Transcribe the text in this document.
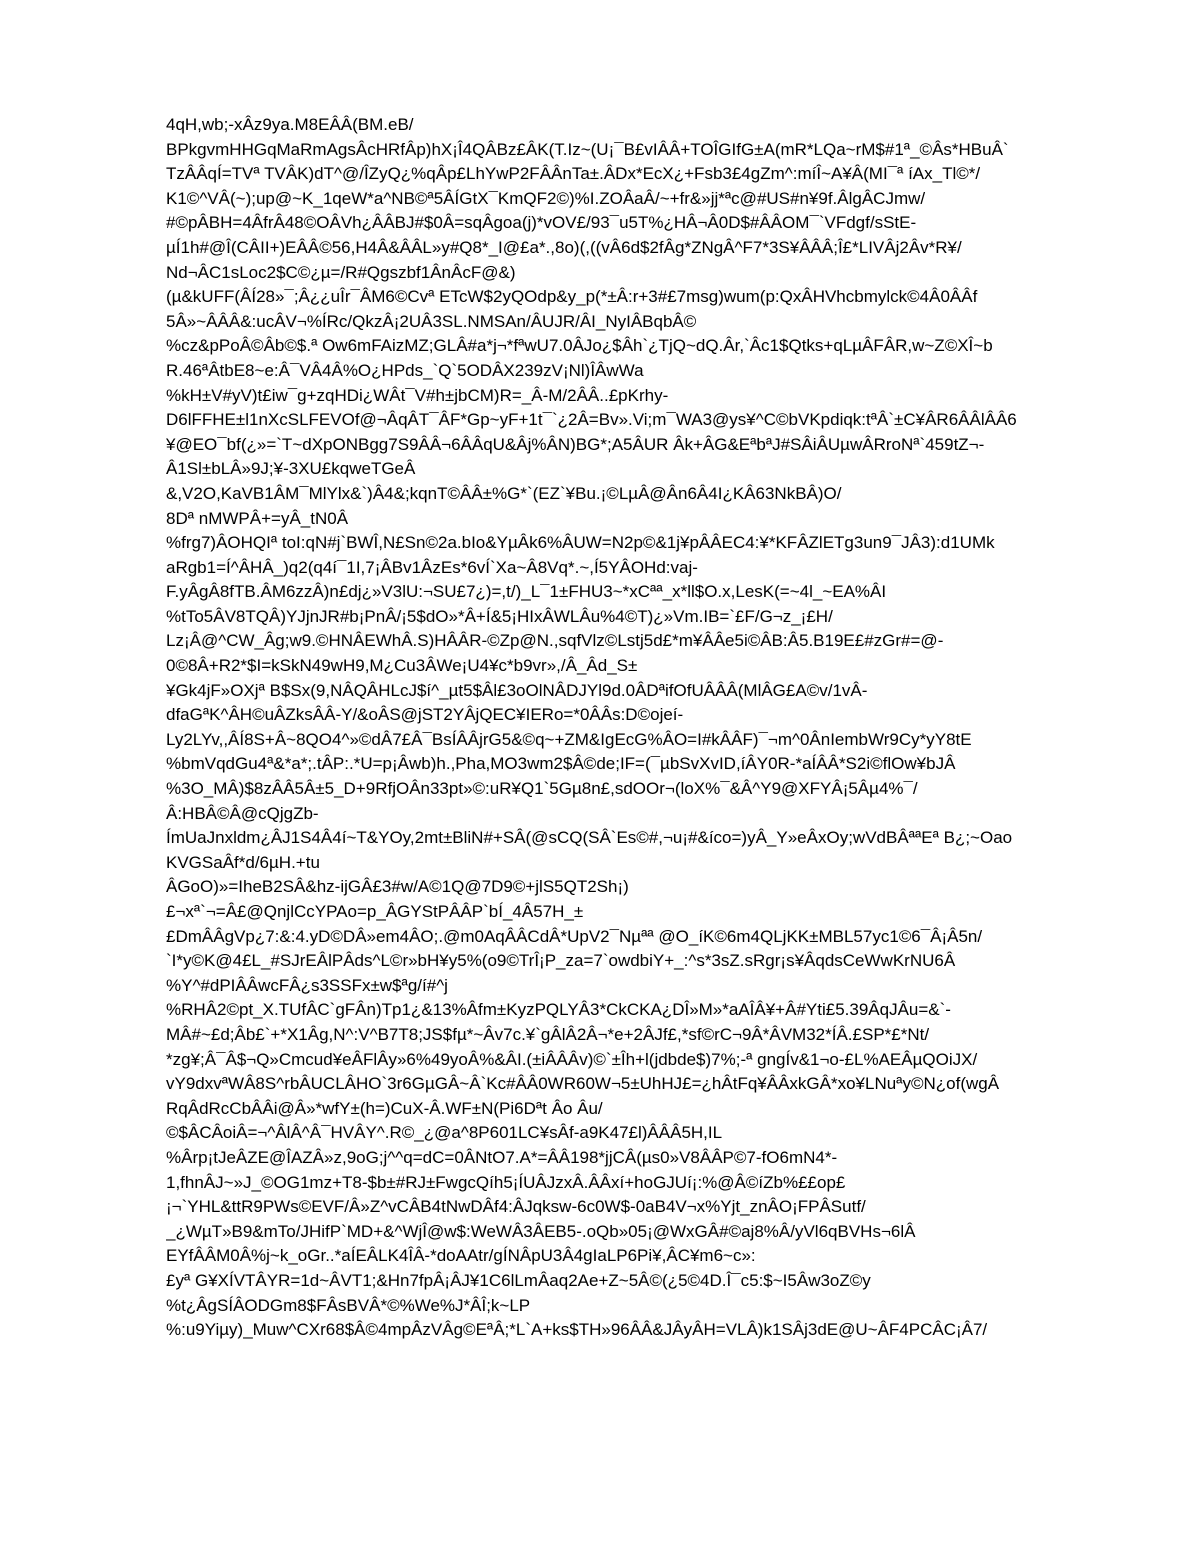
4qH,wb;-xÂz9ya.M8EÂÂ(BM.eB/
BPkgvmHHGqMaRmAgsÂcHRfÂp)hX¡Î4QÂBz£ÂK(T.Iz~(U¡¯B£vIÂÂ+TOÎGIfG±A(mR*LQa~rM$#1ª_©Âs*HBuÂ`
TzÂÂqÍ=TVª TVÂK)dT^@/ÎZyQ¿%qÂp£LhYwP2FÂÂnTa±.ÂDx*EcX¿+Fsb3£4gZm^:míÎ~A¥Â(MI¯ª íAx_Tl©*/
K1©^VÂ(~);up@~K_1qeW*a^NB©ª5ÂÍGtX¯KmQF2©)%I.ZOÂaÂ/~+fr&»jj*ªc@#US#n¥9f.ÂlgÂCJmw/
#©pÂBH=4ÂfrÂ48©OÂVh¿ÂÂBJ#$0Â=sqÂgoa(j)*vOV£/93¯u5T%¿HÂ¬Â0D$#ÂÂOM¯`VFdgf/sStE-
µÍ1h#@Î(CÂII+)EÂÂ©56,H4Â&ÂÂL»y#Q8*_I@£a*.,8o)(,((vÂ6d$2fÂg*ZNgÂ^F7*3S¥ÂÂÂ;Î£*LIVÂj2Âv*R¥/
Nd¬ÂC1sLoc2$C©¿µ=/R#Qgszbf1ÂnÂcF@&)
(µ&kUFF(ÂÍ28»¯;Â¿¿uÎr¯ÂM6©Cvª ETcW$2yQOdp&y_p(*±Â:r+3#£7msg)wum(p:QxÂHVhcbmylck©4Â0ÂÂf
5Â»~ÂÂÂ&:ucÂV¬%ÍRc/QkzÂ¡2UÂ3SL.NMSAn/ÂUJR/ÂI_NyIÂBqbÂ©
%cz&pPoÂ©Âb©$.ª Ow6mFAizMZ;GLÂ#a*j¬*fªwU7.0ÂJo¿$Âh`¿TjQ~dQ.Âr,`Âc1$Qtks+qLµÂFÂR,w~Z©XÎ~b
R.46ªÂtbE8~e:Â¯VÂ4Â%O¿HPds_`Q`5ODÂX239zV¡Nl)ÎÂwWa
%kH±V#yV)t£iw¯g+zqHDi¿WÂt¯V#h±jbCM)R=_Â-M/2ÂÂ..£pKrhy-
D6lFFHE±l1nXcSLFEVOf@¬ÂqÂT¯ÂF*Gp~yF+1t¯`¿2Â=Bv».Vi;m¯WA3@ys¥^C©bVKpdiqk:tªÂ`±C¥ÂR6ÂÂlÂÂ6
¥@EO¯bf(¿»=`T~dXpONBgg7S9ÂÂ¬6ÂÂqU&Âj%ÂN)BG*;A5ÂUR Âk+ÂG&EªbªJ#SÂiÂUµwÂRroNª`459tZ¬-
Â1Sl±bLÂ»9J;¥-3XU£kqweTGeÂ
&,V2O,KaVB1ÂM¯MlYlx&`)Â4&;kqnT©ÂÂ±%G*`(EZ`¥Bu.¡©LµÂ@Ân6Â4I¿KÂ63NkBÂ)O/
8Dª nMWPÂ+=yÂ_tN0Â
%frg7)ÂOHQIª toI:qN#j`BWÎ,N£Sn©2a.bIo&YµÂk6%ÂUW=N2p©&1j¥pÂÂEC4:¥*KFÂZlETg3un9¯JÂ3):d1UMk
aRgb1=Í^ÂHÂ_)q2(q4í¯1I,7¡ÂBv1ÂzEs*6vÍ`Xa~Â8Vq*.~,Í5YÂOHd:vaj-
F.yÂgÂ8fTB.ÂM6zzÂ)n£dj¿»V3lU:¬SU£7¿)=,t/)_L¯1±FHU3~*xCªª_x*ll$O.x,LesK(=~4l_~EA%ÂI
%tTo5ÂV8TQÂ)YJjnJR#b¡PnÂ/¡5$dO»*Â+Í&5¡HIxÂWLÂu%4©T)¿»Vm.IB=`£F/G¬z_¡£H/
Lz¡Â@^CW_Âg;w9.©HNÂEWhÂ.S)HÂÂR-©Zp@N.,sqfVlz©Lstj5d£*m¥ÂÂe5i©ÂB:Â5.B19E£#zGr#=@-
0©8Â+R2*$I=kSkN49wH9,M¿Cu3ÂWe¡U4¥c*b9vr»,/Â_Âd_S±
¥Gk4jF»OXjª B$Sx(9,NÂQÂHLcJ$í^_µt5$Âl£3oOlNÂDJYl9d.0ÂDªifOfUÂÂÂ(MlÂG£A©v/1vÂ-
dfaGªK^ÂH©uÂZksÂÂ-Y/&oÂS@jST2YÂjQEC¥IERo=*0ÂÂs:D©ojeí-
Ly2LYv,,ÂÍ8S+Â~8QO4^»©dÂ7£Â¯BsÍÂÂjrG5&©q~+ZM&IgEcG%ÂO=I#kÂÂF)¯¬m^0ÂnIembWr9Cy*yY8tE
%bmVqdGu4ª&*a*;.tÂP:.*U=p¡Âwb)h.,Pha,MO3wm2$Â©de;IF=(¯µbSvXvID,íÂY0R-*aÍÂÂ*S2i©flOw¥bJÂ
%3O_MÂ)$8zÂÂ5Â±5_D+9RfjOÂn33pt»©:uR¥Q1`5Gµ8n£,sdOOr¬(loX%¯&Â^Y9@XFYÂ¡5Âµ4%¯/
Â:HBÂ©Â@cQjgZb-
ÍmUaJnxldm¿ÂJ1S4Â4í~T&YOy,2mt±BliN#+SÂ(@sCQ(SÂ`Es©#,¬u¡#&íco=)yÂ_Y»eÂxOy;wVdBÂªªEª B¿;~Oao
KVGSaÂf*d/6µH.+tu
ÂGoO)»=IheB2SÂ&hz-ijGÂ£3#w/A©1Q@7D9©+jlS5QT2Sh¡)
£¬xª`¬=Â£@QnjlCcYPAo=p_ÂGYStPÂÂP`bÍ_4Â57H_±
£DmÂÂgVp¿7:&:4.yD©DÂ»em4ÂO;.@m0AqÂÂCdÂ*UpV2¯Nµªª @O_íK©6m4QLjKK±MBL57yc1©6¯Â¡Â5n/
`I*y©K@4£L_#SJrEÂlPÂds^L©r»bH¥y5%(o9©TrÎ¡P_za=7`owdbiY+_:^s*3sZ.sRgr¡s¥ÂqdsCeWwKrNU6Â
%Y^#dPIÂÂwcFÂ¿s3SSFx±w$ªg/í#^j
%RHÂ2©pt_X.TUfÂC`gFÂn)Tp1¿&13%Âfm±KyzPQLYÂ3*CkCKA¿DÎ»M»*aAÎÂ¥+Â#Yti£5.39ÂqJÂu=&`-
MÂ#~£d;Âb£`+*X1Âg,N^:V^B7T8;JS$fµ*~Âv7c.¥`gÂlÂ2Â¬*e+2ÂJf£,*sf©rC¬9Â*ÂVM32*ÍÂ.£SP*£*Nt/
*zg¥;Â¯Â$¬Q»Cmcud¥eÂFlÂy»6%49yoÂ%&ÂI.(±iÂÂÂv)©`±Îh+l(jdbde$)7%;-ª gngÍv&1¬o-£L%AEÂµQOiJX/
vY9dxvªWÂ8S^rbÂUCLÂHO`3r6GµGÂ~Â`Kc#ÂÂ0WR60W¬5±UhHJ£=¿hÂtFq¥ÂÂxkGÂ*xo¥LNuªy©N¿of(wgÂ
RqÂdRcCbÂÂi@Â»*wfY±(h=)CuX-Â.WF±N(Pi6Dªt Âo Âu/
©$ÂCÂoiÂ=¬^ÂlÂ^Â¯HVÂY^.R©_¿@a^8P601LC¥sÂf-a9K47£l)ÂÂÂ5H,IL
%Ârp¡tJeÂZE@ÎAZÂ»z,9oG;j^^q=dC=0ÂNtO7.A*=ÂÂ198*jjCÂ(µs0»V8ÂÂP©7-fO6mN4*-
1,fhnÂJ~»J_©OG1mz+T8-$b±#RJ±FwgcQíh5¡ÍUÂJzxÂ.ÂÂxí+hoGJUí¡:%@Â©íZb%££op£
¡¬`YHL&ttR9PWs©EVF/Â»Z^vCÂB4tNwDÂf4:ÂJqksw-6c0W$-0aB4V¬x%Yjt_znÂO¡FPÂSutf/
_¿WµT»B9&mTo/JHifP`MD+&^WjÎ@w$:WeWÂ3ÂEB5-.oQb»05¡@WxGÂ#©aj8%Â/yVl6qBVHs¬6lÂ
EYfÂÂM0Â%j~k_oGr..*aÍEÂLK4ÎÂ-*doAAtr/gÍNÂpU3Â4gIaLP6Pi¥,ÂC¥m6~c»:
£yª G¥XÍVTÂYR=1d~ÂVT1;&Hn7fpÂ¡ÂJ¥1C6lLmÂaq2Ae+Z~5Â©(¿5©4D.Î¯c5:$~I5Âw3oZ©y
%t¿ÂgSÍÂODGm8$FÂsBVÂ*©%We%J*ÂÎ;k~LP
%:u9Yiµy)_Muw^CXr68$Â©4mpÂzVÂg©EªÂ;*L`A+ks$TH»96ÂÂ&JÂyÂH=VLÂ)k1SÂj3dE@U~ÂF4PCÂC¡Â7/
